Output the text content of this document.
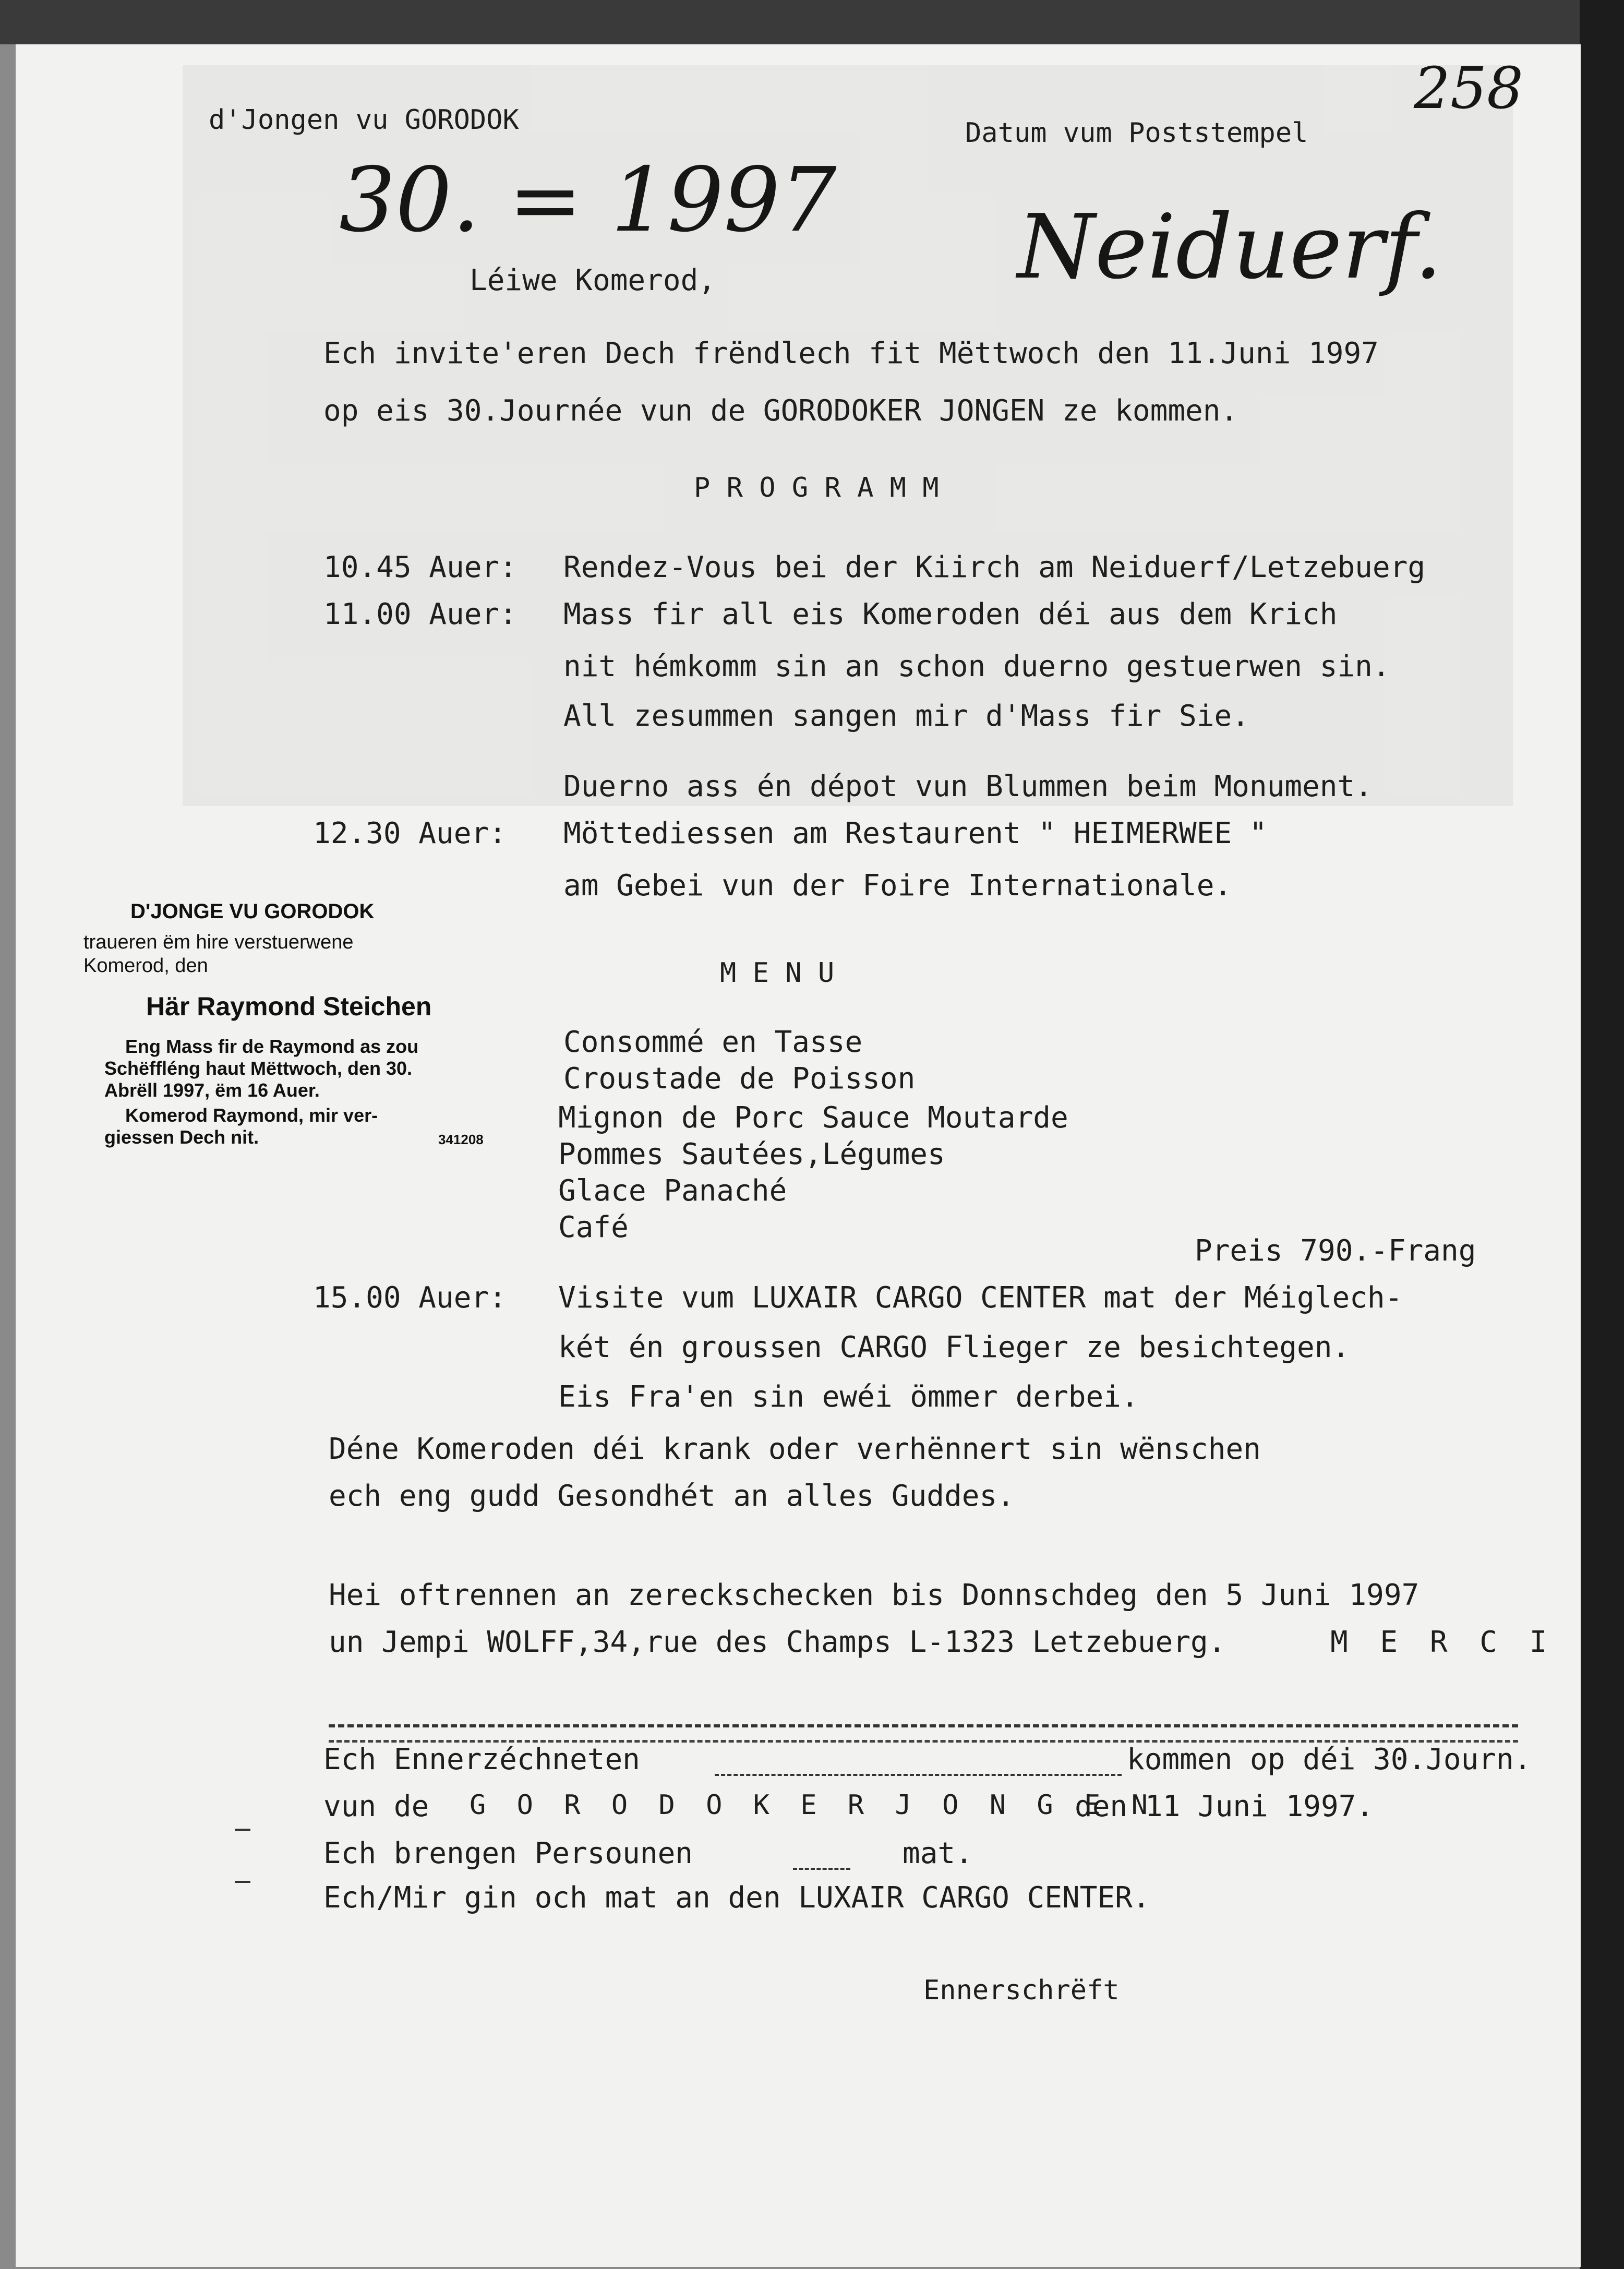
258
d'Jongen vu GORODOK	Datum vum Poststempel
30. = 1997 Neiduerf.
Léiwe Komerod,
Ech invite'eren Dech frëndlech fit Mëttwoch den 11.Juni 1997
op eis 30.Journée vun de GORODOKER JONGEN ze kommen.
P R O G R A M M
10.45 Auer: Rendez-Vous bei der Kiirch am Neiduerf/Letzebuerg
11.00 Auer: Mass fir all eis Komeroden déi aus dem Krich
nit hémkomm sin an schon duerno gestuerwen sin.
All zesummen sangen mir d'Mass fir Sie.
Duerno ass én dépot vun Blummen beim Monument.
12.30 Auer: Möttediessen am Restaurent " HEIMERWEE "
am Gebei vun der Foire Internationale.
M E N U
Consommé en Tasse
Croustade de Poisson
Mignon de Porc Sauce Moutarde
Pommes Sautées,Légumes
Glace Panaché
Café
Preis 790.-Frang
15.00 Auer: Visite vum LUXAIR CARGO CENTER mat der Méiglech-
két én groussen CARGO Flieger ze besichtegen.
Eis Fra'en sin ewéi ömmer derbei.
Déne Komeroden déi krank oder verhënnert sin wënschen
ech eng gudd Gesondhét an alles Guddes.
Hei oftrennen an zereckschecken bis Donnschdeg den 5 Juni 1997
un Jempi WOLFF,34,rue des Champs L-1323 Letzebuerg.	M E R C I
Ech Ennerzéchneten	kommen op déi 30.Journ.
vun de G O R O D O K E R J O N G E N
den 11 Juni 1997.
Ech brengen Persounen	mat.
Ech/Mir gin och mat an den LUXAIR CARGO CENTER.
Ennerschrëft
D'JONGE VU GORODOK
traueren ëm hire verstuerwene
Komerod, den
Här Raymond Steichen
Eng Mass fir de Raymond as zou
Schëffléng haut Mëttwoch, den 30.
Abrëll 1997, ëm 16 Auer.
Komerod Raymond, mir ver-
giessen Dech nit.	341208
